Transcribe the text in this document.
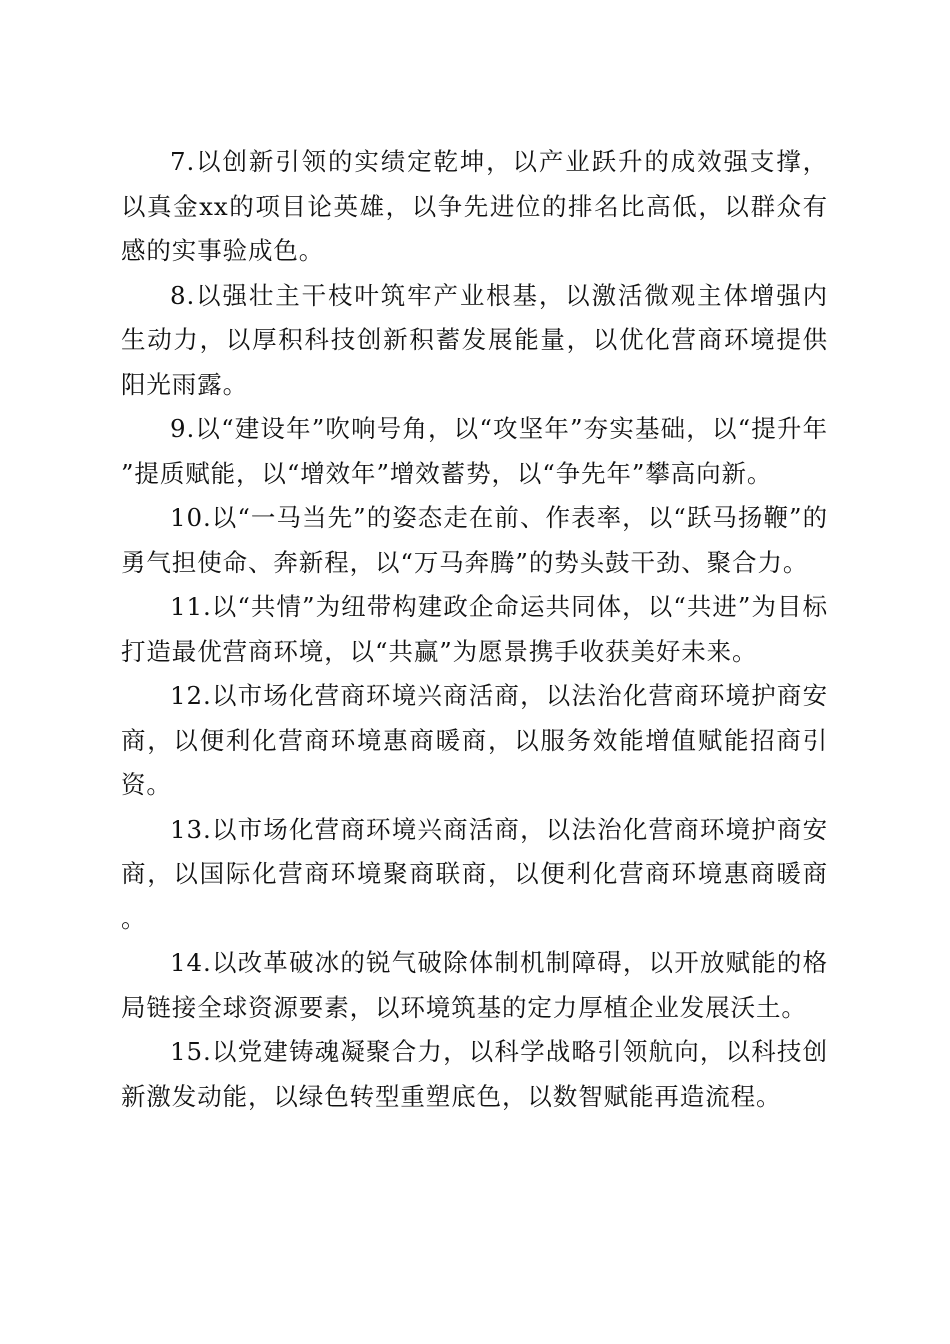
7.以创新引领的实绩定乾坤，以产业跃升的成效强支撑，以真金xx的项目论英雄，以争先进位的排名比高低，以群众有感的实事验成色。

8.以强壮主干枝叶筑牢产业根基，以激活微观主体增强内生动力，以厚积科技创新积蓄发展能量，以优化营商环境提供阳光雨露。

9.以“建设年”吹响号角，以“攻坚年”夯实基础，以“提升年”提质赋能，以“增效年”增效蓄势，以“争先年”攀高向新。

10.以“一马当先”的姿态走在前、作表率，以“跃马扬鞭”的勇气担使命、奔新程，以“万马奔腾”的势头鼓干劲、聚合力。

11.以“共情”为纽带构建政企命运共同体，以“共进”为目标打造最优营商环境，以“共赢”为愿景携手收获美好未来。

12.以市场化营商环境兴商活商，以法治化营商环境护商安商，以便利化营商环境惠商暖商，以服务效能增值赋能招商引资。

13.以市场化营商环境兴商活商，以法治化营商环境护商安商，以国际化营商环境聚商联商，以便利化营商环境惠商暖商。

14.以改革破冰的锐气破除体制机制障碍，以开放赋能的格局链接全球资源要素，以环境筑基的定力厚植企业发展沃土。

15.以党建铸魂凝聚合力，以科学战略引领航向，以科技创新激发动能，以绿色转型重塑底色，以数智赋能再造流程。
